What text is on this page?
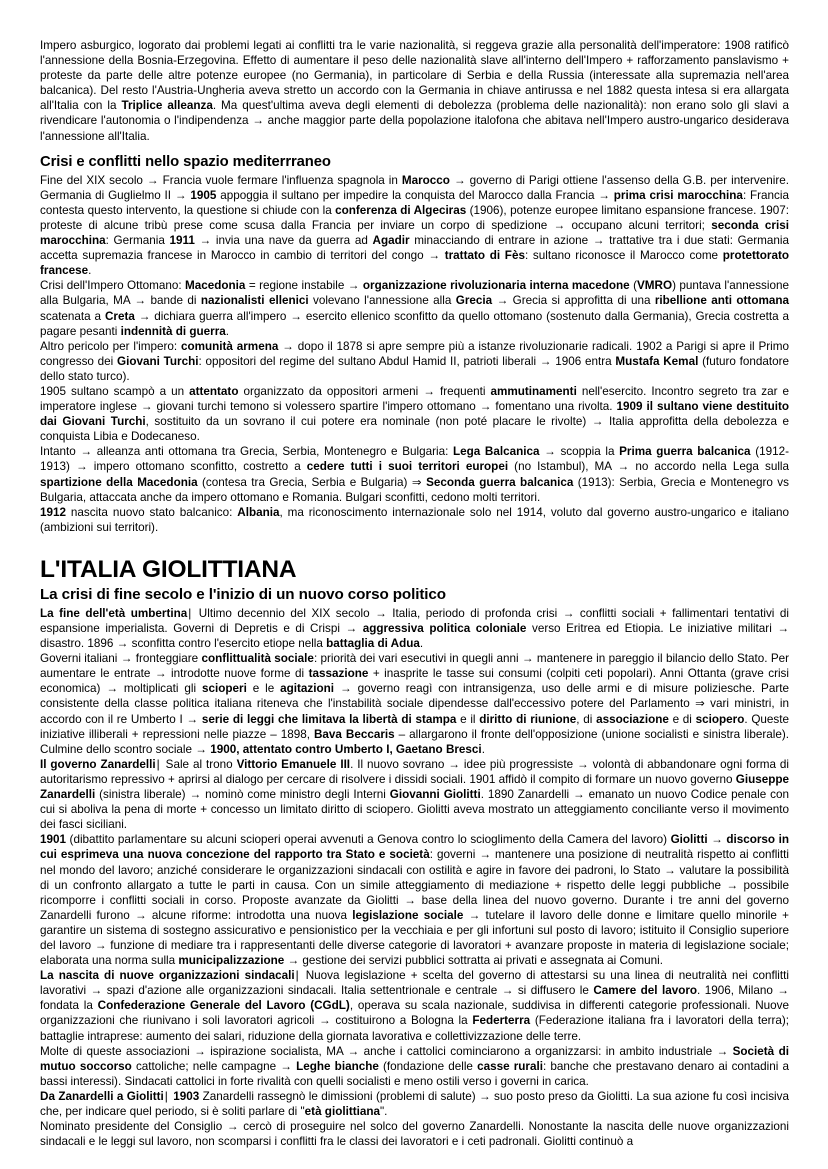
Impero asburgico, logorato dai problemi legati ai conflitti tra le varie nazionalità, si reggeva grazie alla personalità dell'imperatore: 1908 ratificò l'annessione della Bosnia-Erzegovina. Effetto di aumentare il peso delle nazionalità slave all'interno dell'Impero + rafforzamento panslavismo + proteste da parte delle altre potenze europee (no Germania), in particolare di Serbia e della Russia (interessate alla supremazia nell'area balcanica). Del resto l'Austria-Ungheria aveva stretto un accordo con la Germania in chiave antirussa e nel 1882 questa intesa si era allargata all'Italia con la Triplice alleanza. Ma quest'ultima aveva degli elementi di debolezza (problema delle nazionalità): non erano solo gli slavi a rivendicare l'autonomia o l'indipendenza → anche maggior parte della popolazione italofona che abitava nell'Impero austro-ungarico desiderava l'annessione all'Italia.

Crisi e conflitti nello spazio mediterrraneo

Fine del XIX secolo → Francia vuole fermare l'influenza spagnola in Marocco → governo di Parigi ottiene l'assenso della G.B. per intervenire. Germania di Guglielmo II → 1905 appoggia il sultano per impedire la conquista del Marocco dalla Francia → prima crisi marocchina: Francia contesta questo intervento, la questione si chiude con la conferenza di Algeciras (1906), potenze europee limitano espansione francese. 1907: proteste di alcune tribù prese come scusa dalla Francia per inviare un corpo di spedizione → occupano alcuni territori; seconda crisi marocchina: Germania 1911 → invia una nave da guerra ad Agadir minacciando di entrare in azione → trattative tra i due stati: Germania accetta supremazia francese in Marocco in cambio di territori del congo → trattato di Fès: sultano riconosce il Marocco come protettorato francese.

Crisi dell'Impero Ottomano: Macedonia = regione instabile → organizzazione rivoluzionaria interna macedone (VMRO) puntava l'annessione alla Bulgaria, MA → bande di nazionalisti ellenici volevano l'annessione alla Grecia → Grecia si approfitta di una ribellione anti ottomana scatenata a Creta → dichiara guerra all'impero → esercito ellenico sconfitto da quello ottomano (sostenuto dalla Germania), Grecia costretta a pagare pesanti indennità di guerra.

Altro pericolo per l'impero: comunità armena → dopo il 1878 si apre sempre più a istanze rivoluzionarie radicali. 1902 a Parigi si apre il Primo congresso dei Giovani Turchi: oppositori del regime del sultano Abdul Hamid II, patrioti liberali → 1906 entra Mustafa Kemal (futuro fondatore dello stato turco).

1905 sultano scampò a un attentato organizzato da oppositori armeni → frequenti ammutinamenti nell'esercito. Incontro segreto tra zar e imperatore inglese → giovani turchi temono si volessero spartire l'impero ottomano → fomentano una rivolta. 1909 il sultano viene destituito dai Giovani Turchi, sostituito da un sovrano il cui potere era nominale (non poté placare le rivolte) → Italia approfitta della debolezza e conquista Libia e Dodecaneso.

Intanto → alleanza anti ottomana tra Grecia, Serbia, Montenegro e Bulgaria: Lega Balcanica → scoppia la Prima guerra balcanica (1912-1913) → impero ottomano sconfitto, costretto a cedere tutti i suoi territori europei (no Istambul), MA → no accordo nella Lega sulla spartizione della Macedonia (contesa tra Grecia, Serbia e Bulgaria) ⇒ Seconda guerra balcanica (1913): Serbia, Grecia e Montenegro vs Bulgaria, attaccata anche da impero ottomano e Romania. Bulgari sconfitti, cedono molti territori.

1912 nascita nuovo stato balcanico: Albania, ma riconoscimento internazionale solo nel 1914, voluto dal governo austro-ungarico e italiano (ambizioni sui territori).

L'ITALIA GIOLITTIANA
La crisi di fine secolo e l'inizio di un nuovo corso politico

La fine dell'età umbertina| Ultimo decennio del XIX secolo → Italia, periodo di profonda crisi → conflitti sociali + fallimentari tentativi di espansione imperialista. Governi di Depretis e di Crispi → aggressiva politica coloniale verso Eritrea ed Etiopia. Le iniziative militari → disastro. 1896 → sconfitta contro l'esercito etiope nella battaglia di Adua.

Governi italiani → fronteggiare conflittualità sociale: priorità dei vari esecutivi in quegli anni → mantenere in pareggio il bilancio dello Stato. Per aumentare le entrate → introdotte nuove forme di tassazione + inasprite le tasse sui consumi (colpiti ceti popolari). Anni Ottanta (grave crisi economica) → moltiplicati gli scioperi e le agitazioni → governo reagì con intransigenza, uso delle armi e di misure poliziesche. Parte consistente della classe politica italiana riteneva che l'instabilità sociale dipendesse dall'eccessivo potere del Parlamento ⇒ vari ministri, in accordo con il re Umberto I → serie di leggi che limitava la libertà di stampa e il diritto di riunione, di associazione e di sciopero. Queste iniziative illiberali + repressioni nelle piazze – 1898, Bava Beccaris – allargarono il fronte dell'opposizione (unione socialisti e sinistra liberale). Culmine dello scontro sociale → 1900, attentato contro Umberto I, Gaetano Bresci.

Il governo Zanardelli| Sale al trono Vittorio Emanuele III. Il nuovo sovrano → idee più progressiste → volontà di abbandonare ogni forma di autoritarismo repressivo + aprirsi al dialogo per cercare di risolvere i dissidi sociali. 1901 affidò il compito di formare un nuovo governo Giuseppe Zanardelli (sinistra liberale) → nominò come ministro degli Interni Giovanni Giolitti. 1890 Zanardelli → emanato un nuovo Codice penale con cui si aboliva la pena di morte + concesso un limitato diritto di sciopero. Giolitti aveva mostrato un atteggiamento conciliante verso il movimento dei fasci siciliani.

1901 (dibattito parlamentare su alcuni scioperi operai avvenuti a Genova contro lo scioglimento della Camera del lavoro) Giolitti → discorso in cui esprimeva una nuova concezione del rapporto tra Stato e società: governi → mantenere una posizione di neutralità rispetto ai conflitti nel mondo del lavoro; anziché considerare le organizzazioni sindacali con ostilità e agire in favore dei padroni, lo Stato → valutare la possibilità di un confronto allargato a tutte le parti in causa. Con un simile atteggiamento di mediazione + rispetto delle leggi pubbliche → possibile ricomporre i conflitti sociali in corso. Proposte avanzate da Giolitti → base della linea del nuovo governo. Durante i tre anni del governo Zanardelli furono → alcune riforme: introdotta una nuova legislazione sociale → tutelare il lavoro delle donne e limitare quello minorile + garantire un sistema di sostegno assicurativo e pensionistico per la vecchiaia e per gli infortuni sul posto di lavoro; istituito il Consiglio superiore del lavoro → funzione di mediare tra i rappresentanti delle diverse categorie di lavoratori + avanzare proposte in materia di legislazione sociale; elaborata una norma sulla municipalizzazione → gestione dei servizi pubblici sottratta ai privati e assegnata ai Comuni.

La nascita di nuove organizzazioni sindacali| Nuova legislazione + scelta del governo di attestarsi su una linea di neutralità nei conflitti lavorativi → spazi d'azione alle organizzazioni sindacali. Italia settentrionale e centrale → si diffusero le Camere del lavoro. 1906, Milano → fondata la Confederazione Generale del Lavoro (CGdL), operava su scala nazionale, suddivisa in differenti categorie professionali. Nuove organizzazioni che riunivano i soli lavoratori agricoli → costituirono a Bologna la Federterra (Federazione italiana fra i lavoratori della terra); battaglie intraprese: aumento dei salari, riduzione della giornata lavorativa e collettivizzazione delle terre.

Molte di queste associazioni → ispirazione socialista, MA → anche i cattolici cominciarono a organizzarsi: in ambito industriale → Società di mutuo soccorso cattoliche; nelle campagne → Leghe bianche (fondazione delle casse rurali: banche che prestavano denaro ai contadini a bassi interessi). Sindacati cattolici in forte rivalità con quelli socialisti e meno ostili verso i governi in carica.

Da Zanardelli a Giolitti| 1903 Zanardelli rassegnò le dimissioni (problemi di salute) → suo posto preso da Giolitti. La sua azione fu così incisiva che, per indicare quel periodo, si è soliti parlare di "età giolittiana".

Nominato presidente del Consiglio → cercò di proseguire nel solco del governo Zanardelli. Nonostante la nascita delle nuove organizzazioni sindacali e le leggi sul lavoro, non scomparsi i conflitti fra le classi dei lavoratori e i ceti padronali. Giolitti continuò a
